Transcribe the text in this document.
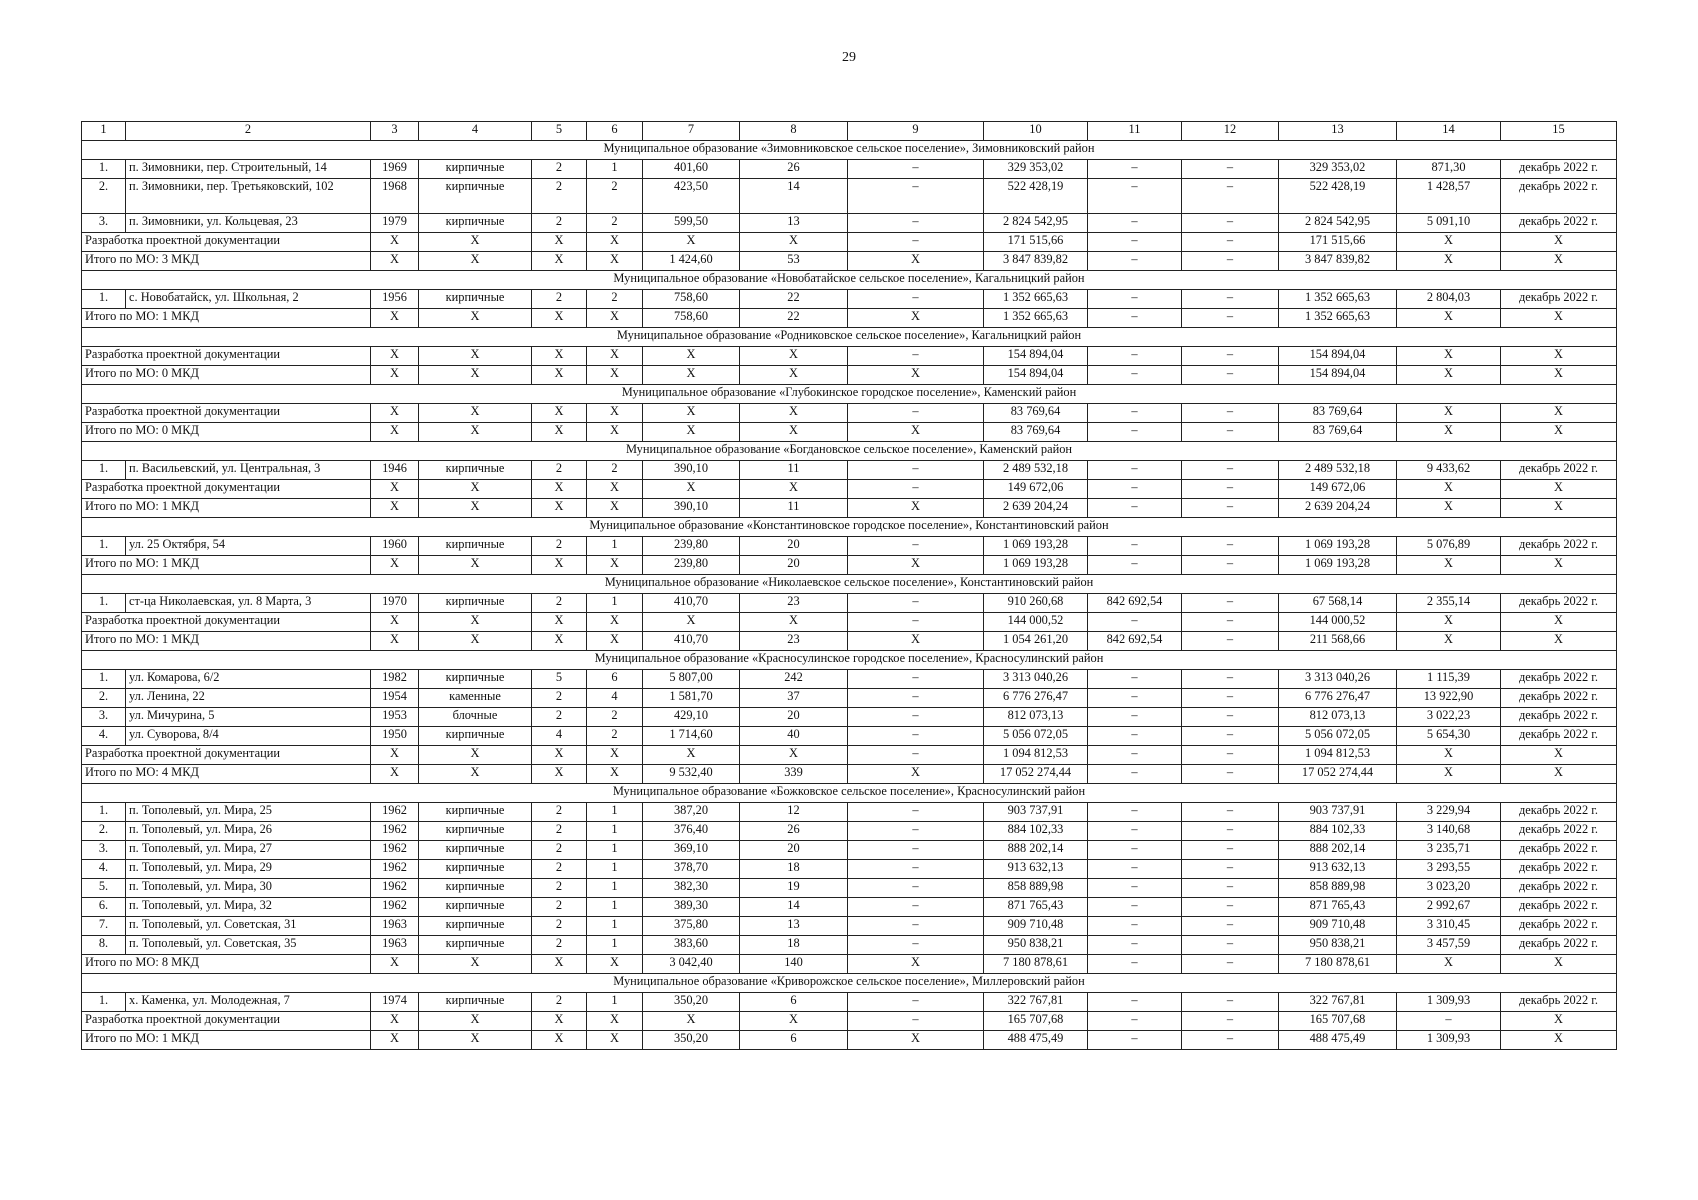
29
1	2	3	4	5	6	7	8	9	10	11	12	13	14	15
Муниципальное образование «Зимовниковское сельское поселение», Зимовниковский район														
1.	п. Зимовники, пер. Строительный, 14	1969	кирпичные	2	1	401,60	26	–	329 353,02	–	–	329 353,02	871,30	декабрь 2022 г.
2.	п. Зимовники, пер. Третьяковский, 102	1968	кирпичные	2	2	423,50	14	–	522 428,19	–	–	522 428,19	1 428,57	декабрь 2022 г.
3.	п. Зимовники, ул. Кольцевая, 23	1979	кирпичные	2	2	599,50	13	–	2 824 542,95	–	–	2 824 542,95	5 091,10	декабрь 2022 г.
Разработка проектной документации		Х	Х	Х	Х	Х	Х	–	171 515,66	–	–	171 515,66	Х	Х
Итого по МО: 3 МКД		Х	Х	Х	Х	1 424,60	53	Х	3 847 839,82	–	–	3 847 839,82	Х	Х
Муниципальное образование «Новобатайское сельское поселение», Кагальницкий район														
1.	с. Новобатайск, ул. Школьная, 2	1956	кирпичные	2	2	758,60	22	–	1 352 665,63	–	–	1 352 665,63	2 804,03	декабрь 2022 г.
Итого по МО: 1 МКД		Х	Х	Х	Х	758,60	22	Х	1 352 665,63	–	–	1 352 665,63	Х	Х
Муниципальное образование «Родниковское сельское поселение», Кагальницкий район														
Разработка проектной документации		Х	Х	Х	Х	Х	Х	–	154 894,04	–	–	154 894,04	Х	Х
Итого по МО: 0 МКД		Х	Х	Х	Х	Х	Х	Х	154 894,04	–	–	154 894,04	Х	Х
Муниципальное образование «Глубокинское городское поселение», Каменский район														
Разработка проектной документации		Х	Х	Х	Х	Х	Х	–	83 769,64	–	–	83 769,64	Х	Х
Итого по МО: 0 МКД		Х	Х	Х	Х	Х	Х	Х	83 769,64	–	–	83 769,64	Х	Х
Муниципальное образование «Богдановское сельское поселение», Каменский район														
1.	п. Васильевский, ул. Центральная, 3	1946	кирпичные	2	2	390,10	11	–	2 489 532,18	–	–	2 489 532,18	9 433,62	декабрь 2022 г.
Разработка проектной документации		Х	Х	Х	Х	Х	Х	–	149 672,06	–	–	149 672,06	Х	Х
Итого по МО: 1 МКД		Х	Х	Х	Х	390,10	11	Х	2 639 204,24	–	–	2 639 204,24	Х	Х
Муниципальное образование «Константиновское городское поселение», Константиновский район														
1.	ул. 25 Октября, 54	1960	кирпичные	2	1	239,80	20	–	1 069 193,28	–	–	1 069 193,28	5 076,89	декабрь 2022 г.
Итого по МО: 1 МКД		Х	Х	Х	Х	239,80	20	Х	1 069 193,28	–	–	1 069 193,28	Х	Х
Муниципальное образование «Николаевское сельское поселение», Константиновский район														
1.	ст-ца Николаевская, ул. 8 Марта, 3	1970	кирпичные	2	1	410,70	23	–	910 260,68	842 692,54	–	67 568,14	2 355,14	декабрь 2022 г.
Разработка проектной документации		Х	Х	Х	Х	Х	Х	–	144 000,52	–	–	144 000,52	Х	Х
Итого по МО: 1 МКД		Х	Х	Х	Х	410,70	23	Х	1 054 261,20	842 692,54	–	211 568,66	Х	Х
Муниципальное образование «Красносулинское городское поселение», Красносулинский район														
1.	ул. Комарова, 6/2	1982	кирпичные	5	6	5 807,00	242	–	3 313 040,26	–	–	3 313 040,26	1 115,39	декабрь 2022 г.
2.	ул. Ленина, 22	1954	каменные	2	4	1 581,70	37	–	6 776 276,47	–	–	6 776 276,47	13 922,90	декабрь 2022 г.
3.	ул. Мичурина, 5	1953	блочные	2	2	429,10	20	–	812 073,13	–	–	812 073,13	3 022,23	декабрь 2022 г.
4.	ул. Суворова, 8/4	1950	кирпичные	4	2	1 714,60	40	–	5 056 072,05	–	–	5 056 072,05	5 654,30	декабрь 2022 г.
Разработка проектной документации		Х	Х	Х	Х	Х	Х	–	1 094 812,53	–	–	1 094 812,53	Х	Х
Итого по МО: 4 МКД		Х	Х	Х	Х	9 532,40	339	Х	17 052 274,44	–	–	17 052 274,44	Х	Х
Муниципальное образование «Божковское сельское поселение», Красносулинский район														
1.	п. Тополевый, ул. Мира, 25	1962	кирпичные	2	1	387,20	12	–	903 737,91	–	–	903 737,91	3 229,94	декабрь 2022 г.
2.	п. Тополевый, ул. Мира, 26	1962	кирпичные	2	1	376,40	26	–	884 102,33	–	–	884 102,33	3 140,68	декабрь 2022 г.
3.	п. Тополевый, ул. Мира, 27	1962	кирпичные	2	1	369,10	20	–	888 202,14	–	–	888 202,14	3 235,71	декабрь 2022 г.
4.	п. Тополевый, ул. Мира, 29	1962	кирпичные	2	1	378,70	18	–	913 632,13	–	–	913 632,13	3 293,55	декабрь 2022 г.
5.	п. Тополевый, ул. Мира, 30	1962	кирпичные	2	1	382,30	19	–	858 889,98	–	–	858 889,98	3 023,20	декабрь 2022 г.
6.	п. Тополевый, ул. Мира, 32	1962	кирпичные	2	1	389,30	14	–	871 765,43	–	–	871 765,43	2 992,67	декабрь 2022 г.
7.	п. Тополевый, ул. Советская, 31	1963	кирпичные	2	1	375,80	13	–	909 710,48	–	–	909 710,48	3 310,45	декабрь 2022 г.
8.	п. Тополевый, ул. Советская, 35	1963	кирпичные	2	1	383,60	18	–	950 838,21	–	–	950 838,21	3 457,59	декабрь 2022 г.
Итого по МО: 8 МКД		Х	Х	Х	Х	3 042,40	140	Х	7 180 878,61	–	–	7 180 878,61	Х	Х
Муниципальное образование «Криворожское сельское поселение», Миллеровский район														
1.	х. Каменка, ул. Молодежная, 7	1974	кирпичные	2	1	350,20	6	–	322 767,81	–	–	322 767,81	1 309,93	декабрь 2022 г.
Разработка проектной документации		Х	Х	Х	Х	Х	Х	–	165 707,68	–	–	165 707,68	–	Х
Итого по МО: 1 МКД		Х	Х	Х	Х	350,20	6	Х	488 475,49	–	–	488 475,49	1 309,93	Х
